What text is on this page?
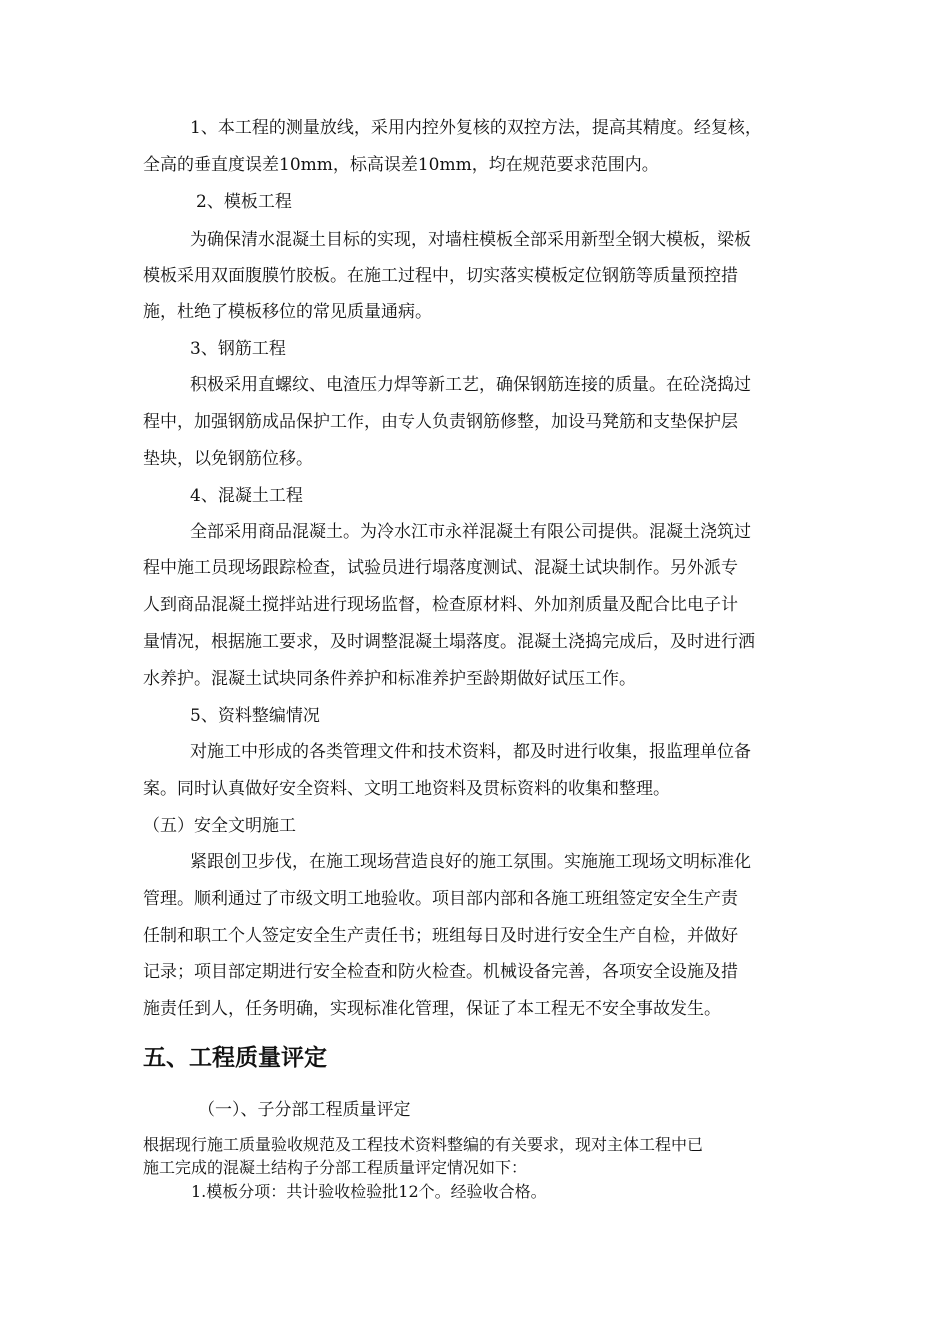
1、本工程的测量放线，采用内控外复核的双控方法，提高其精度。经复核，
全高的垂直度误差10mm，标高误差10mm，均在规范要求范围内。
2、模板工程
为确保清水混凝土目标的实现，对墙柱模板全部采用新型全钢大模板，梁板
模板采用双面腹膜竹胶板。在施工过程中，切实落实模板定位钢筋等质量预控措
施，杜绝了模板移位的常见质量通病。
3、钢筋工程
积极采用直螺纹、电渣压力焊等新工艺，确保钢筋连接的质量。在砼浇捣过
程中，加强钢筋成品保护工作，由专人负责钢筋修整，加设马凳筋和支垫保护层
垫块，以免钢筋位移。
4、混凝土工程
全部采用商品混凝土。为冷水江市永祥混凝土有限公司提供。混凝土浇筑过
程中施工员现场跟踪检查，试验员进行塌落度测试、混凝土试块制作。另外派专
人到商品混凝土搅拌站进行现场监督，检查原材料、外加剂质量及配合比电子计
量情况，根据施工要求，及时调整混凝土塌落度。混凝土浇捣完成后，及时进行洒
水养护。混凝土试块同条件养护和标准养护至龄期做好试压工作。
5、资料整编情况
对施工中形成的各类管理文件和技术资料，都及时进行收集，报监理单位备
案。同时认真做好安全资料、文明工地资料及贯标资料的收集和整理。
（五）安全文明施工
紧跟创卫步伐，在施工现场营造良好的施工氛围。实施施工现场文明标准化
管理。顺利通过了市级文明工地验收。项目部内部和各施工班组签定安全生产责
任制和职工个人签定安全生产责任书；班组每日及时进行安全生产自检，并做好
记录；项目部定期进行安全检查和防火检查。机械设备完善，各项安全设施及措
施责任到人，任务明确，实现标准化管理，保证了本工程无不安全事故发生。
五、工程质量评定
（一）、子分部工程质量评定
根据现行施工质量验收规范及工程技术资料整编的有关要求，现对主体工程中已
施工完成的混凝土结构子分部工程质量评定情况如下：
1.模板分项：共计验收检验批12个。经验收合格。
